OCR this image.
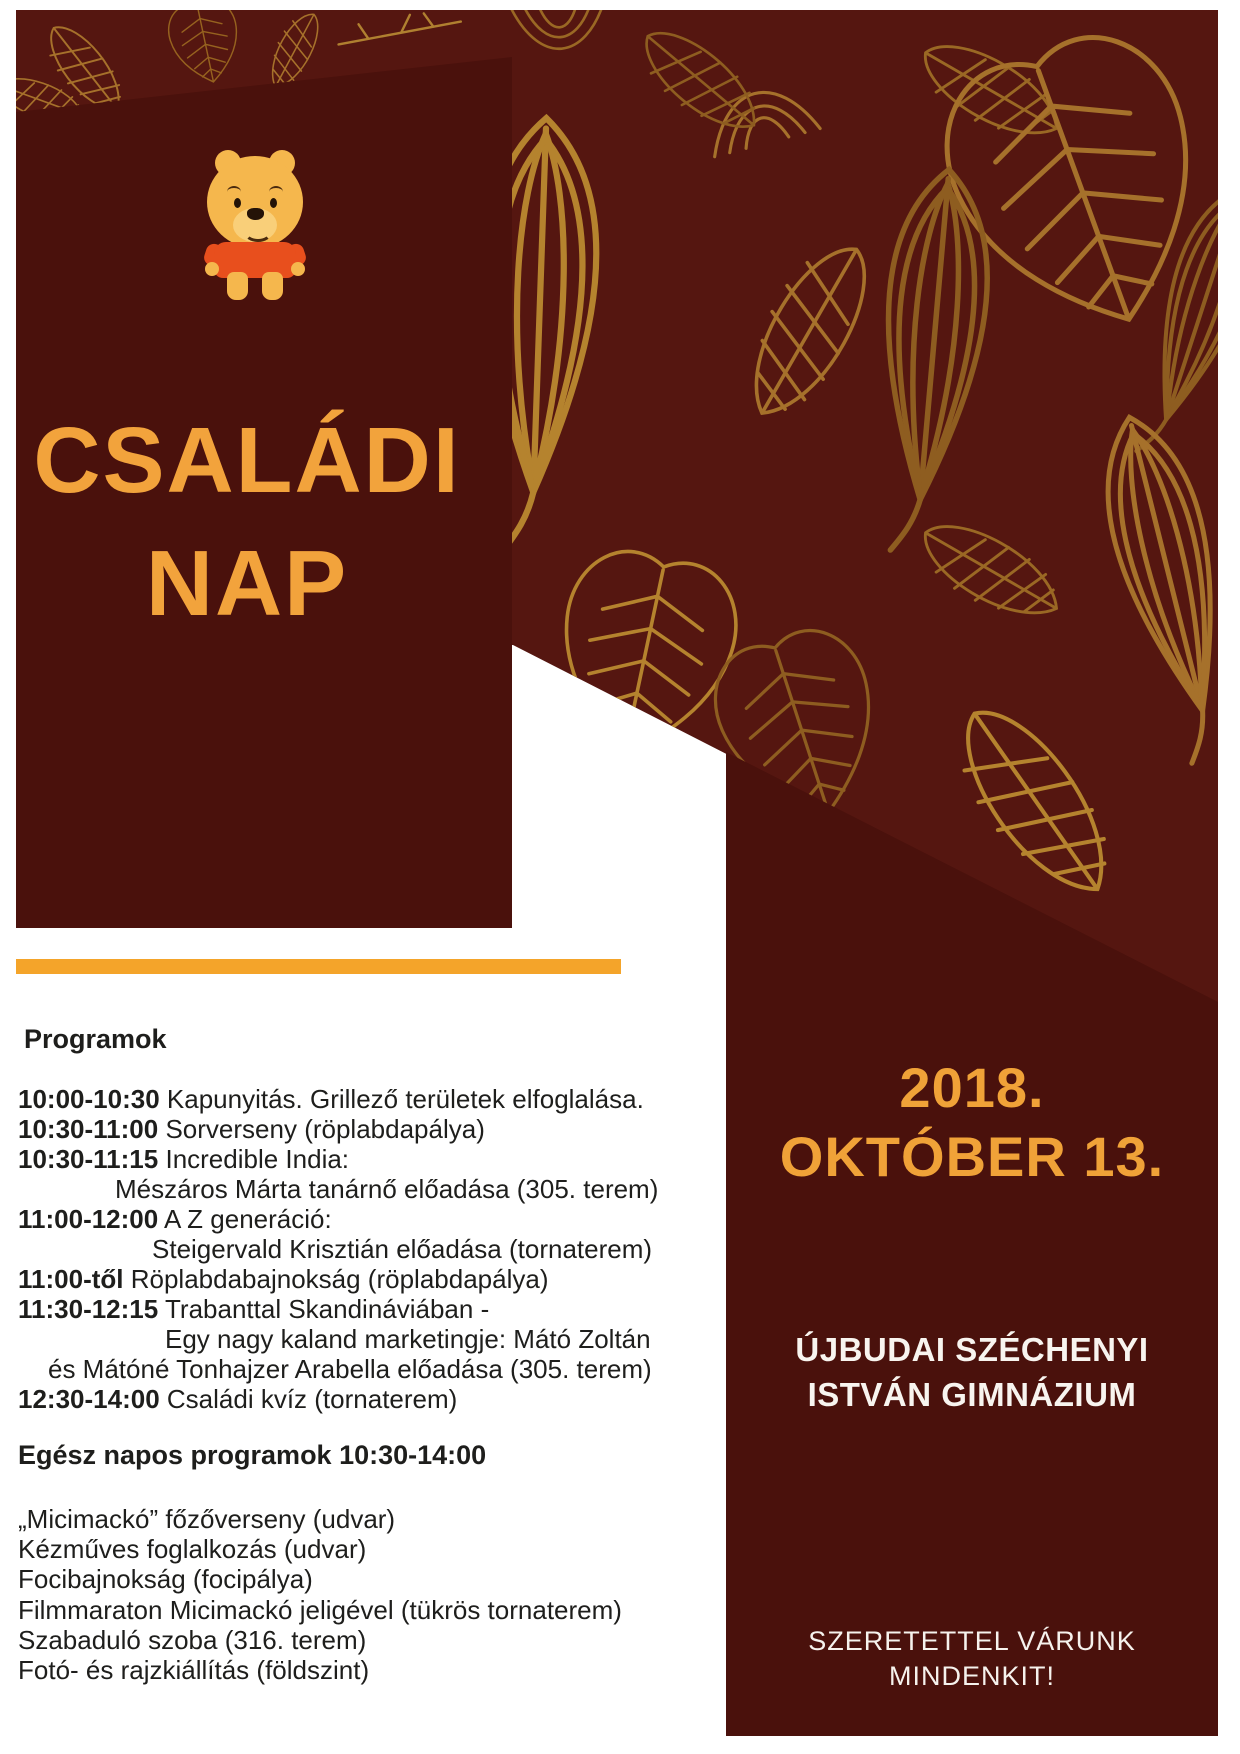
CSALÁDI
NAP
Programok
10:00-10:30 Kapunyitás. Grillező területek elfoglalása.
10:30-11:00 Sorverseny (röplabdapálya)
10:30-11:15 Incredible India:
Mészáros Márta tanárnő előadása (305. terem)
11:00-12:00 A Z generáció:
Steigervald Krisztián előadása (tornaterem)
11:00-től Röplabdabajnokság (röplabdapálya)
11:30-12:15 Trabanttal Skandináviában -
Egy nagy kaland marketingje: Mátó Zoltán
és Mátóné Tonhajzer Arabella előadása (305. terem)
12:30-14:00 Családi kvíz (tornaterem)
Egész napos programok 10:30-14:00
„Micimackó” főzőverseny (udvar)
Kézműves foglalkozás (udvar)
Focibajnokság (focipálya)
Filmmaraton Micimackó jeligével (tükrös tornaterem)
Szabaduló szoba (316. terem)
Fotó- és rajzkiállítás (földszint)
2018.
OKTÓBER 13.
ÚJBUDAI SZÉCHENYI
ISTVÁN GIMNÁZIUM
SZERETETTEL VÁRUNK
MINDENKIT!
